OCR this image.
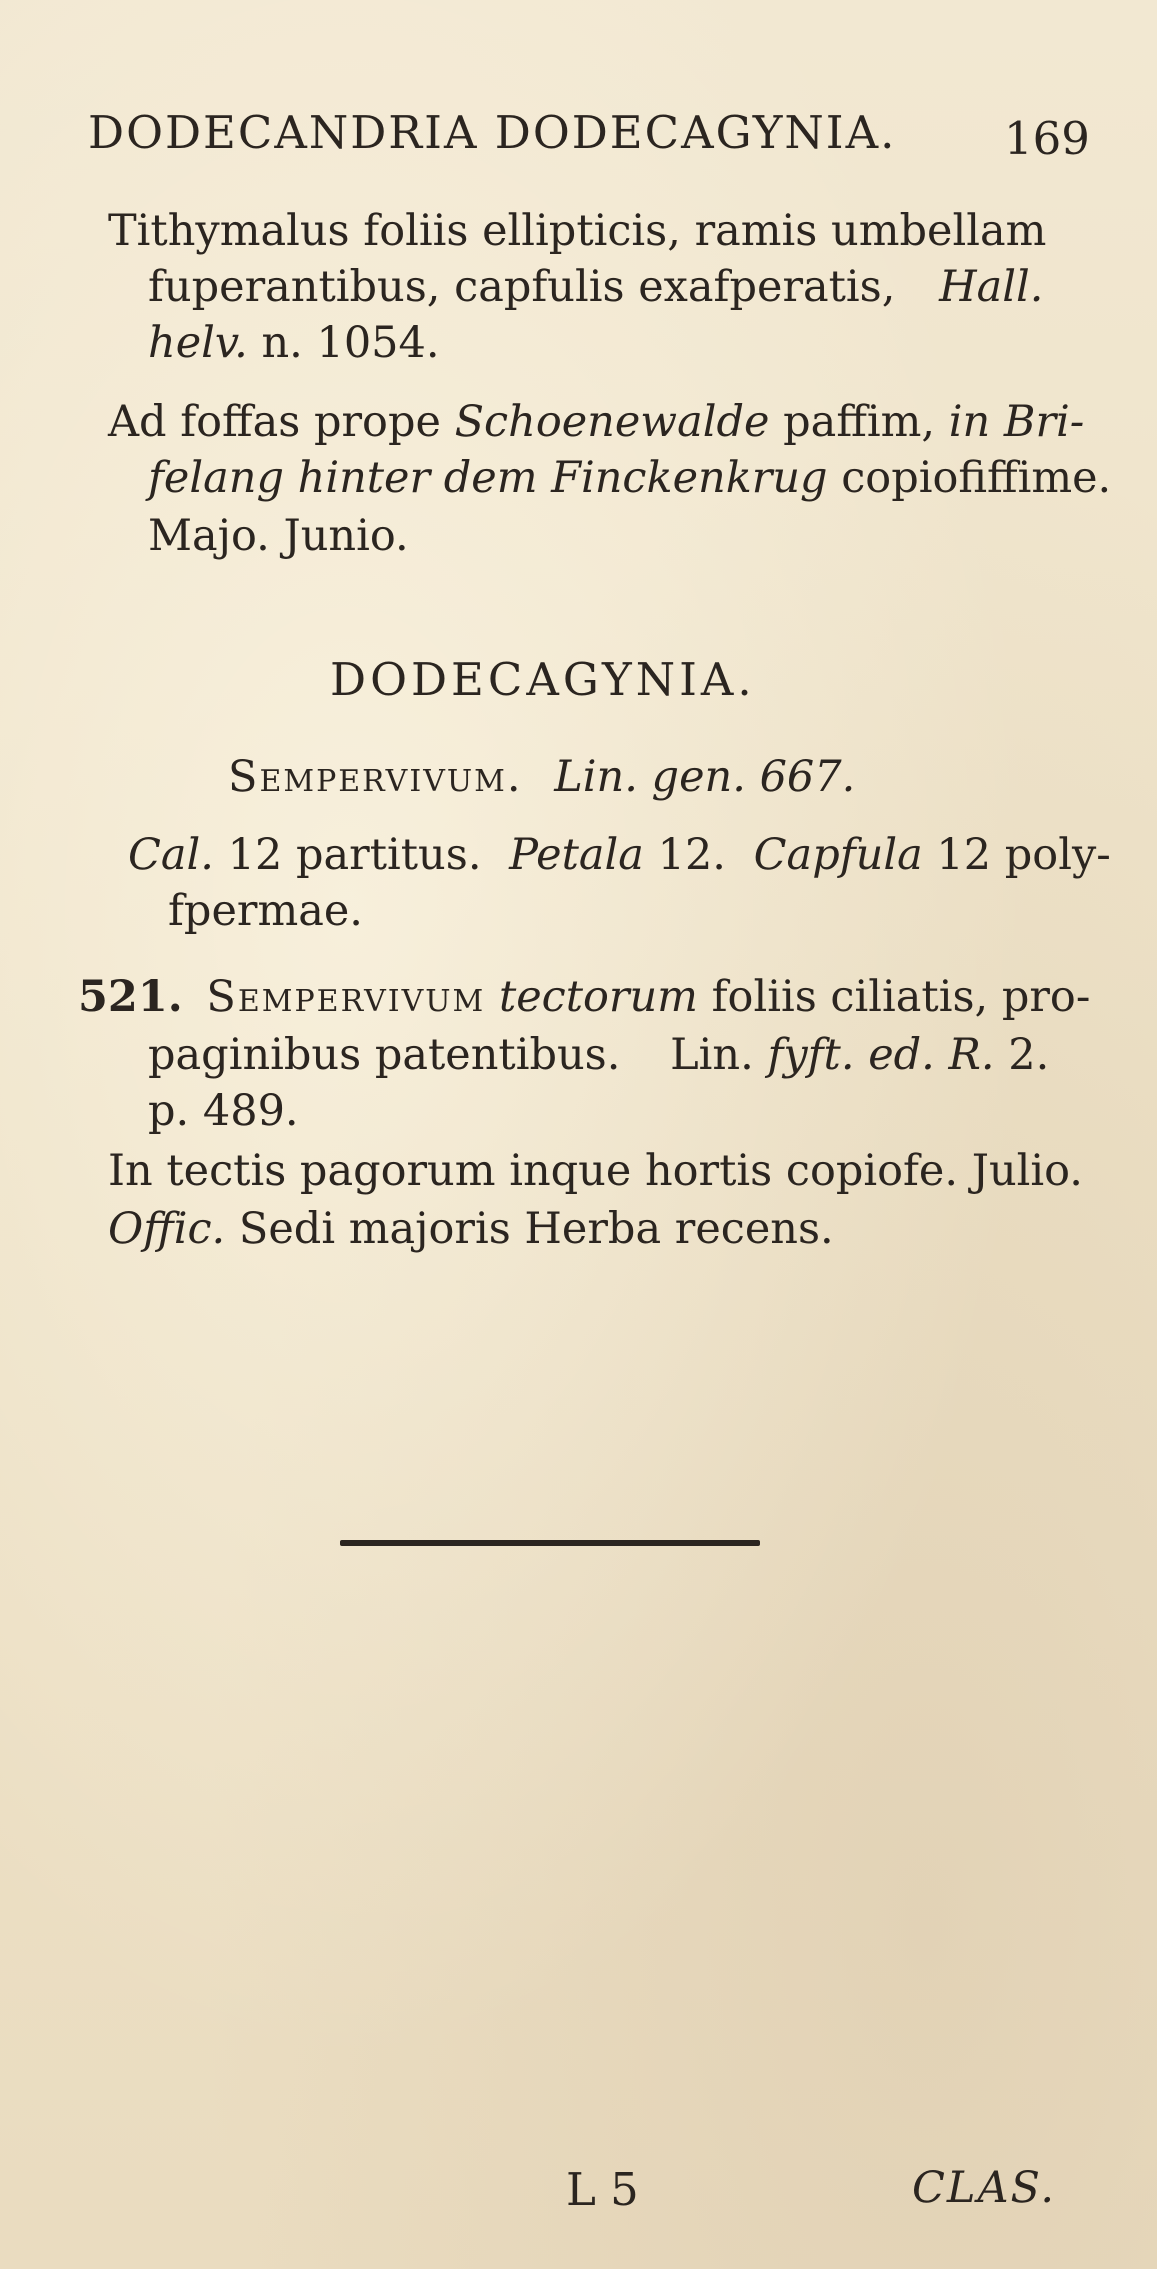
DODECANDRIA DODECAGYNIA. 169
Tithymalus foliis ellipticis, ramis umbellam
fuperantibus, capfulis exafperatis, Hall.
helv. n. 1054.
Ad foffas prope Schoenewalde paffim, in Bri-
felang hinter dem Finckenkrug copiofiffime.
Majo. Junio.
DODECAGYNIA.
Sempervivum. Lin. gen. 667.
Cal. 12 partitus. Petala 12. Capfula 12 poly-
fpermae.
521. Sempervivum tectorum foliis ciliatis, pro-
paginibus patentibus. Lin. fyft. ed. R. 2.
p. 489.
In tectis pagorum inque hortis copiofe. Julio.
Offic. Sedi majoris Herba recens.
L 5	CLAS.
